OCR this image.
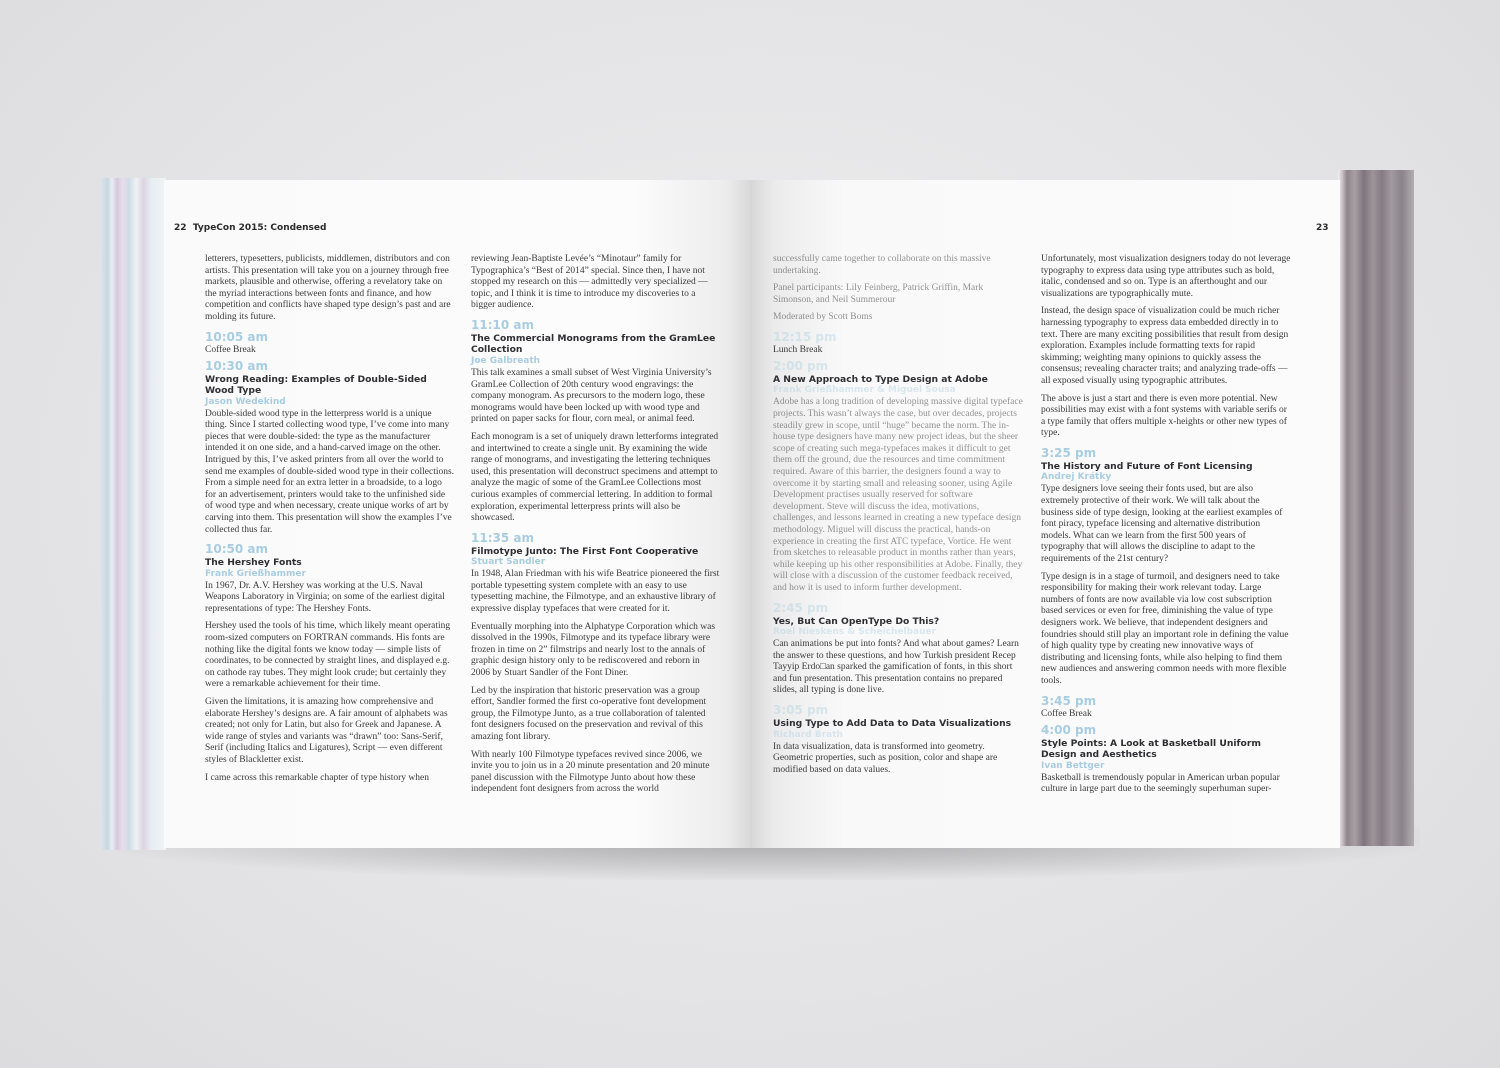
22 TypeCon 2015: Condensed

letterers, typesetters, publicists, middlemen, distributors and con artists. This presentation will take you on a journey through free markets, plausible and otherwise, offering a revelatory take on the myriad interactions between fonts and finance, and how competition and conflicts have shaped type design’s past and are molding its future.

10:05 am
Coffee Break
10:30 am
Wrong Reading: Examples of Double-Sided Wood Type
Jason Wedekind

Double-sided wood type in the letterpress world is a unique thing. Since I started collecting wood type, I’ve come into many pieces that were double-sided: the type as the manufacturer intended it on one side, and a hand-carved image on the other. Intrigued by this, I’ve asked printers from all over the world to send me examples of double-sided wood type in their collections. From a simple need for an extra letter in a broadside, to a logo for an advertisement, printers would take to the unfinished side of wood type and when necessary, create unique works of art by carving into them. This presentation will show the examples I’ve collected thus far.

10:50 am
The Hershey Fonts
Frank Grießhammer

In 1967, Dr. A.V. Hershey was working at the U.S. Naval Weapons Laboratory in Virginia; on some of the earliest digital representations of type: The Hershey Fonts.

Hershey used the tools of his time, which likely meant operating room-sized computers on FORTRAN commands. His fonts are nothing like the digital fonts we know today — simple lists of coordinates, to be connected by straight lines, and displayed e.g. on cathode ray tubes. They might look crude; but certainly they were a remarkable achievement for their time.

Given the limitations, it is amazing how comprehensive and elaborate Hershey’s designs are. A fair amount of alphabets was created; not only for Latin, but also for Greek and Japanese. A wide range of styles and variants was “drawn” too: Sans-Serif, Serif (including Italics and Ligatures), Script — even different styles of Blackletter exist.

I came across this remarkable chapter of type history when

reviewing Jean-Baptiste Levée’s “Minotaur” family for Typographica’s “Best of 2014” special. Since then, I have not stopped my research on this — admittedly very specialized — topic, and I think it is time to introduce my discoveries to a bigger audience.

11:10 am
The Commercial Monograms from the GramLee Collection
Joe Galbreath

This talk examines a small subset of West Virginia University’s GramLee Collection of 20th century wood engravings: the company monogram. As precursors to the modern logo, these monograms would have been locked up with wood type and printed on paper sacks for flour, corn meal, or animal feed.

Each monogram is a set of uniquely drawn letterforms integrated and intertwined to create a single unit. By examining the wide range of monograms, and investigating the lettering techniques used, this presentation will deconstruct specimens and attempt to analyze the magic of some of the GramLee Collections most curious examples of commercial lettering. In addition to formal exploration, experimental letterpress prints will also be showcased.

11:35 am
Filmotype Junto: The First Font Cooperative
Stuart Sandler

In 1948, Alan Friedman with his wife Beatrice pioneered the first portable typesetting system complete with an easy to use typesetting machine, the Filmotype, and an exhaustive library of expressive display typefaces that were created for it.

Eventually morphing into the Alphatype Corporation which was dissolved in the 1990s, Filmotype and its typeface library were frozen in time on 2” filmstrips and nearly lost to the annals of graphic design history only to be rediscovered and reborn in 2006 by Stuart Sandler of the Font Diner.

Led by the inspiration that historic preservation was a group effort, Sandler formed the first co-operative font development group, the Filmotype Junto, as a true collaboration of talented font designers focused on the preservation and revival of this amazing font library.

With nearly 100 Filmotype typefaces revived since 2006, we invite you to join us in a 20 minute presentation and 20 minute panel discussion with the Filmotype Junto about how these independent font designers from across the world

23

successfully came together to collaborate on this massive undertaking.

Panel participants: Lily Feinberg, Patrick Griffin, Mark Simonson, and Neil Summerour

Moderated by Scott Boms

12:15 pm
Lunch Break
2:00 pm
A New Approach to Type Design at Adobe
Frank Grießhammer & Miguel Sousa

Adobe has a long tradition of developing massive digital typeface projects. This wasn’t always the case, but over decades, projects steadily grew in scope, until “huge” became the norm. The in-house type designers have many new project ideas, but the sheer scope of creating such mega-typefaces makes it difficult to get them off the ground, due the resources and time commitment required. Aware of this barrier, the designers found a way to overcome it by starting small and releasing sooner, using Agile Development practises usually reserved for software development. Steve will discuss the idea, motivations, challenges, and lessons learned in creating a new typeface design methodology. Miguel will discuss the practical, hands-on experience in creating the first ATC typeface, Vortice. He went from sketches to releasable product in months rather than years, while keeping up his other responsibilities at Adobe. Finally, they will close with a discussion of the customer feedback received, and how it is used to inform further development.

2:45 pm
Yes, But Can OpenType Do This?
Roel Nieskens & Scheichelbauer

Can animations be put into fonts? And what about games? Learn the answer to these questions, and how Turkish president Recep Tayyip Erdo□an sparked the gamification of fonts, in this short and fun presentation. This presentation contains no prepared slides, all typing is done live.

3:05 pm
Using Type to Add Data to Data Visualizations
Richard Brath

In data visualization, data is transformed into geometry. Geometric properties, such as position, color and shape are modified based on data values.

Unfortunately, most visualization designers today do not leverage typography to express data using type attributes such as bold, italic, condensed and so on. Type is an afterthought and our visualizations are typographically mute.

Instead, the design space of visualization could be much richer harnessing typography to express data embedded directly in to text. There are many exciting possibilities that result from design exploration. Examples include formatting texts for rapid skimming; weighting many opinions to quickly assess the consensus; revealing character traits; and analyzing trade-offs — all exposed visually using typographic attributes.

The above is just a start and there is even more potential. New possibilities may exist with a font systems with variable serifs or a type family that offers multiple x-heights or other new types of type.

3:25 pm
The History and Future of Font Licensing
Andrej Krátky

Type designers love seeing their fonts used, but are also extremely protective of their work. We will talk about the business side of type design, looking at the earliest examples of font piracy, typeface licensing and alternative distribution models. What can we learn from the first 500 years of typography that will allows the discipline to adapt to the requirements of the 21st century?

Type design is in a stage of turmoil, and designers need to take responsibility for making their work relevant today. Large numbers of fonts are now available via low cost subscription based services or even for free, diminishing the value of type designers work. We believe, that independent designers and foundries should still play an important role in defining the value of high quality type by creating new innovative ways of distributing and licensing fonts, while also helping to find them new audiences and answering common needs with more flexible tools.

3:45 pm
Coffee Break
4:00 pm
Style Points: A Look at Basketball Uniform Design and Aesthetics
Ivan Bettger

Basketball is tremendously popular in American urban popular culture in large part due to the seemingly superhuman super-
